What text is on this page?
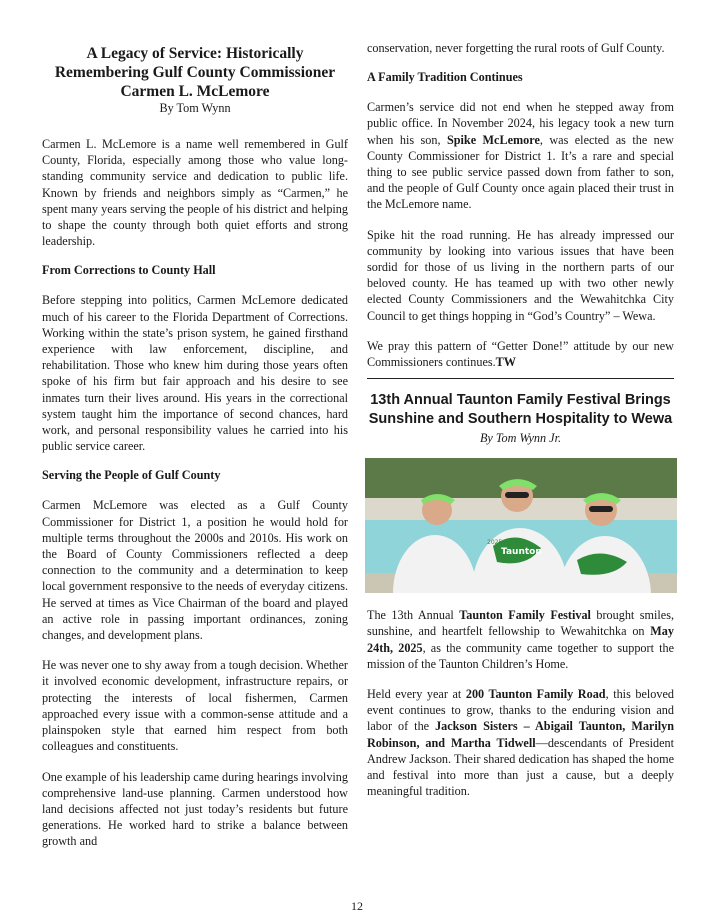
A Legacy of Service: Historically Remembering Gulf County Commissioner Carmen L. McLemore
By Tom Wynn

Carmen L. McLemore is a name well remembered in Gulf County, Florida, especially among those who value long-standing community service and dedication to public life. Known by friends and neighbors simply as “Carmen,” he spent many years serving the people of his district and helping to shape the county through both quiet efforts and strong leadership.

From Corrections to County Hall

Before stepping into politics, Carmen McLemore dedicated much of his career to the Florida Department of Corrections. Working within the state’s prison system, he gained firsthand experience with law enforcement, discipline, and rehabilitation. Those who knew him during those years often spoke of his firm but fair approach and his desire to see inmates turn their lives around. His years in the correctional system taught him the importance of second chances, hard work, and personal responsibility values he carried into his public service career.

Serving the People of Gulf County

Carmen McLemore was elected as a Gulf County Commissioner for District 1, a position he would hold for multiple terms throughout the 2000s and 2010s. His work on the Board of County Commissioners reflected a deep connection to the community and a determination to keep local government responsive to the needs of everyday citizens. He served at times as Vice Chairman of the board and played an active role in passing important ordinances, zoning changes, and development plans.

He was never one to shy away from a tough decision. Whether it involved economic development, infrastructure repairs, or protecting the interests of local fishermen, Carmen approached every issue with a common-sense attitude and a plainspoken style that earned him respect from both colleagues and constituents.

One example of his leadership came during hearings involving comprehensive land-use planning. Carmen understood how land decisions affected not just today’s residents but future generations. He worked hard to strike a balance between growth and

conservation, never forgetting the rural roots of Gulf County.

A Family Tradition Continues

Carmen’s service did not end when he stepped away from public office. In November 2024, his legacy took a new turn when his son, Spike McLemore, was elected as the new County Commissioner for District 1. It’s a rare and special thing to see public service passed down from father to son, and the people of Gulf County once again placed their trust in the McLemore name.

Spike hit the road running. He has already impressed our community by looking into various issues that have been sordid for those of us living in the northern parts of our beloved county. He has teamed up with two other newly elected County Commissioners and the Wewahitchka City Council to get things hopping in “God’s Country” – Wewa.

We pray this pattern of “Getter Done!” attitude by our new Commissioners continues.TW

13th Annual Taunton Family Festival Brings Sunshine and Southern Hospitality to Wewa
By Tom Wynn Jr.
Taunton
2025

The 13th Annual Taunton Family Festival brought smiles, sunshine, and heartfelt fellowship to Wewahitchka on May 24th, 2025, as the community came together to support the mission of the Taunton Children’s Home.

Held every year at 200 Taunton Family Road, this beloved event continues to grow, thanks to the enduring vision and labor of the Jackson Sisters – Abigail Taunton, Marilyn Robinson, and Martha Tidwell—descendants of President Andrew Jackson. Their shared dedication has shaped the home and festival into more than just a cause, but a deeply meaningful tradition.

12
